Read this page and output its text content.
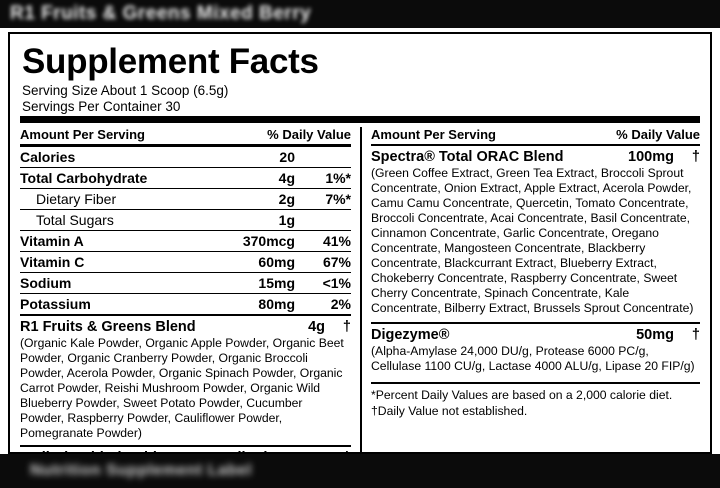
R1 Fruits & Greens Mixed Berry
Supplement Facts
Serving Size About 1 Scoop (6.5g)
Servings Per Container 30
Amount Per Serving	% Daily Value
Calories	20
Total Carbohydrate	4g	1%*
Dietary Fiber	2g	7%*
Total Sugars	1g
Vitamin A	370mcg	41%
Vitamin C	60mg	67%
Sodium	15mg	<1%
Potassium	80mg	2%
R1 Fruits & Greens Blend	4g	†
(Organic Kale Powder, Organic Apple Powder, Organic Beet Powder, Organic Cranberry Powder, Organic Broccoli Powder, Acerola Powder, Organic Spinach Powder, Organic Carrot Powder, Reishi Mushroom Powder, Organic Wild Blueberry Powder, Sweet Potato Powder, Cucumber Powder, Raspberry Powder, Cauliflower Powder, Pomegranate Powder)
Amount Per Serving	% Daily Value
Spectra® Total ORAC Blend	100mg	†
(Green Coffee Extract, Green Tea Extract, Broccoli Sprout Concentrate, Onion Extract, Apple Extract, Acerola Powder, Camu Camu Concentrate, Quercetin, Tomato Concentrate, Broccoli Concentrate, Acai Concentrate, Basil Concentrate, Cinnamon Concentrate, Garlic Concentrate, Oregano Concentrate, Mangosteen Concentrate, Blackberry Concentrate, Blackcurrant Extract, Blueberry Extract, Chokeberry Concentrate, Raspberry Concentrate, Sweet Cherry Concentrate, Spinach Concentrate, Kale Concentrate, Bilberry Extract, Brussels Sprout Concentrate)
Digezyme®	50mg	†
(Alpha-Amylase 24,000 DU/g, Protease 6000 PC/g, Cellulase 1100 CU/g, Lactase 4000 ALU/g, Lipase 20 FIP/g)
*Percent Daily Values are based on a 2,000 calorie diet.
†Daily Value not established.
Nutrition Supplement Label
